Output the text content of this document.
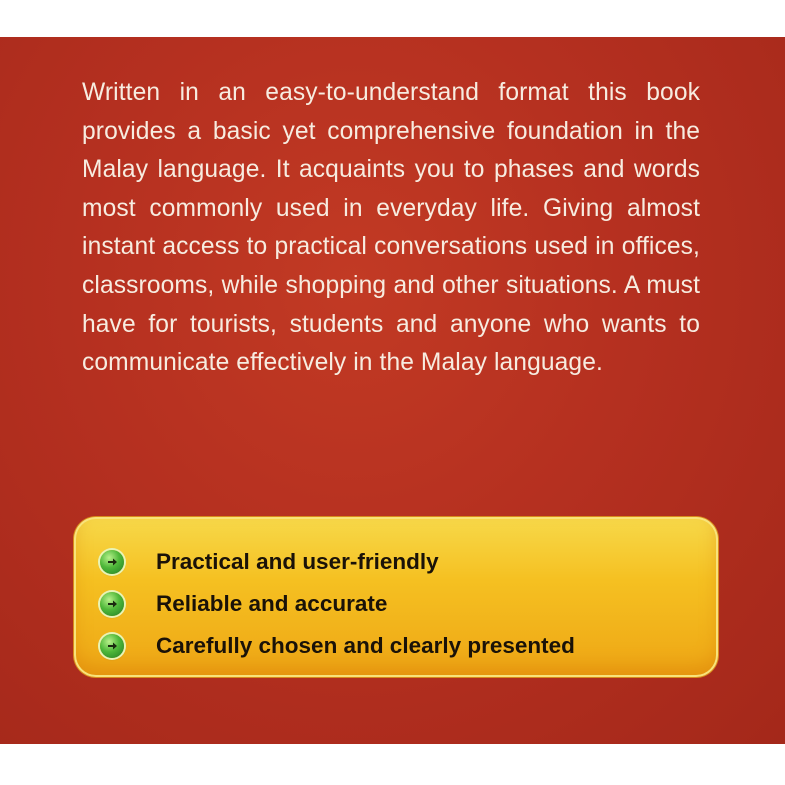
Written in an easy-to-understand format this book provides a basic yet comprehensive foundation in the Malay language. It acquaints you to phases and words most commonly used in everyday life. Giving almost instant access to practical conversations used in offices, classrooms, while shopping and other situations. A must have for tourists, students and anyone who wants to communicate effectively in the Malay language.
Practical and user-friendly
Reliable and accurate
Carefully chosen and clearly presented
